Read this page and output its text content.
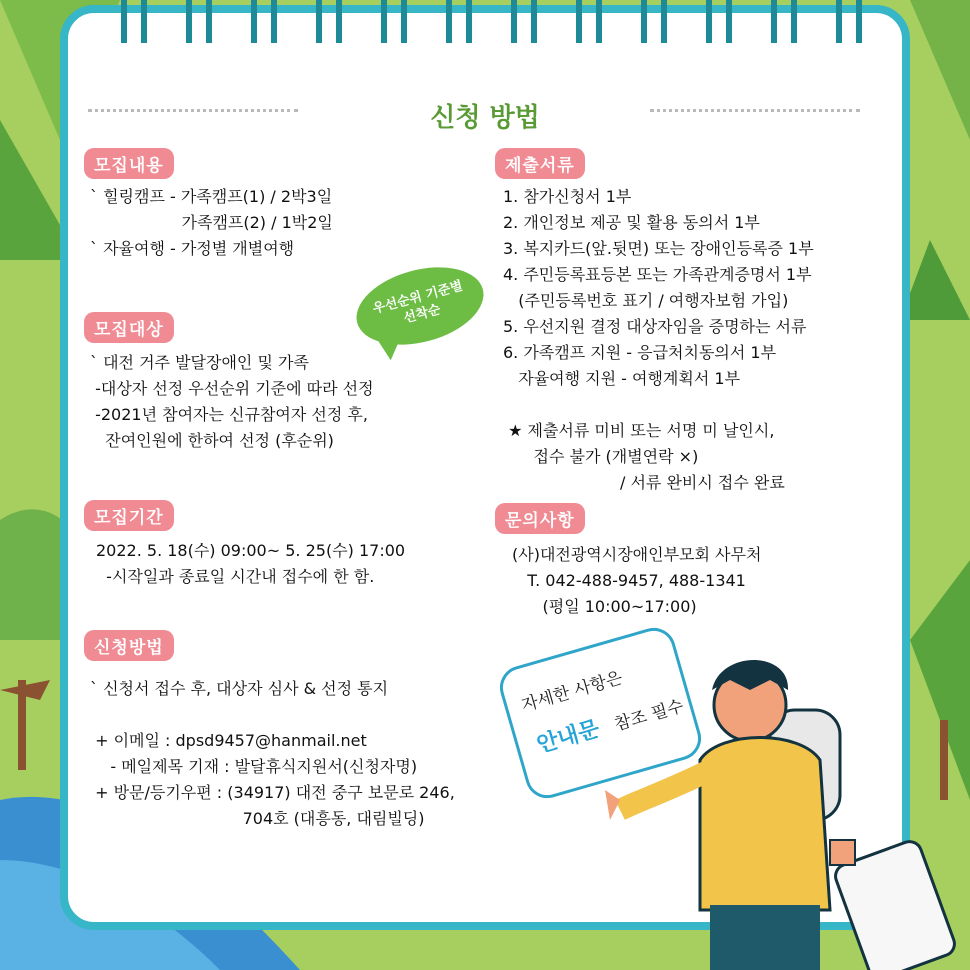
신청 방법
모집내용
` 힐링캠프 - 가족캠프(1) / 2박3일
가족캠프(2) / 1박2일
` 자율여행 - 가정별 개별여행
모집대상
` 대전 거주 발달장애인 및 가족
-대상자 선정 우선순위 기준에 따라 선정
-2021년 참여자는 신규참여자 선정 후,
잔여인원에 한하여 선정 (후순위)
우선순위 기준별
선착순
모집기간
2022. 5. 18(수) 09:00~ 5. 25(수) 17:00
-시작일과 종료일 시간내 접수에 한 함.
신청방법
` 신청서 접수 후, 대상자 심사 & 선정 통지

+ 이메일 : dpsd9457@hanmail.net
- 메일제목 기재 : 발달휴식지원서(신청자명)
+ 방문/등기우편 : (34917) 대전 중구 보문로 246,
704호 (대흥동, 대림빌딩)
제출서류
1. 참가신청서 1부
2. 개인정보 제공 및 활용 동의서 1부
3. 복지카드(앞.뒷면) 또는 장애인등록증 1부
4. 주민등록표등본 또는 가족관계증명서 1부
(주민등록번호 표기 / 여행자보험 가입)
5. 우선지원 결정 대상자임을 증명하는 서류
6. 가족캠프 지원 - 응급처치동의서 1부
자율여행 지원 - 여행계획서 1부

★ 제출서류 미비 또는 서명 미 날인시,
접수 불가 (개별연락 ×)
/ 서류 완비시 접수 완료
문의사항
(사)대전광역시장애인부모회 사무처
T. 042-488-9457, 488-1341
(평일 10:00~17:00)
자세한 사항은
안내문
참조 필수
